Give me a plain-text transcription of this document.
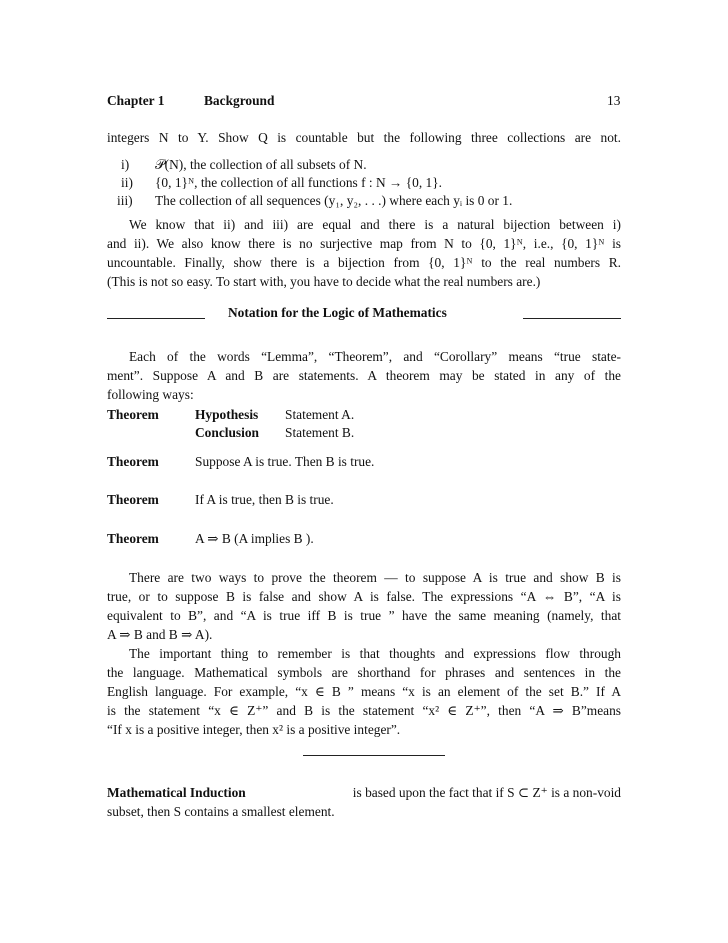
Chapter 1	Background	13
integers N to Y. Show Q is countable but the following three collections are not.
i) 𝒫(N), the collection of all subsets of N.
ii) {0, 1}ᴺ, the collection of all functions f : N → {0, 1}.
iii) The collection of all sequences (y₁, y₂, . . .) where each yᵢ is 0 or 1.
We know that ii) and iii) are equal and there is a natural bijection between i)
and ii). We also know there is no surjective map from N to {0, 1}ᴺ, i.e., {0, 1}ᴺ is
uncountable. Finally, show there is a bijection from {0, 1}ᴺ to the real numbers R.
(This is not so easy. To start with, you have to decide what the real numbers are.)
Notation for the Logic of Mathematics
Each of the words “Lemma”, “Theorem”, and “Corollary” means “true state-
ment”. Suppose A and B are statements. A theorem may be stated in any of the
following ways:
Theorem	Hypothesis Statement A.
Conclusion Statement B.
Theorem	Suppose A is true. Then B is true.
Theorem	If A is true, then B is true.
Theorem	A ⇒ B (A implies B ).
There are two ways to prove the theorem — to suppose A is true and show B is
true, or to suppose B is false and show A is false. The expressions “A ⇔ B”, “A is
equivalent to B”, and “A is true iff B is true ” have the same meaning (namely, that
A ⇒ B and B ⇒ A).
The important thing to remember is that thoughts and expressions flow through
the language. Mathematical symbols are shorthand for phrases and sentences in the
English language. For example, “x ∈ B ” means “x is an element of the set B.” If A
is the statement “x ∈ Z⁺” and B is the statement “x² ∈ Z⁺”, then “A ⇒ B”means
“If x is a positive integer, then x² is a positive integer”.
Mathematical Induction	is based upon the fact that if S ⊂ Z⁺ is a non-void
subset, then S contains a smallest element.
